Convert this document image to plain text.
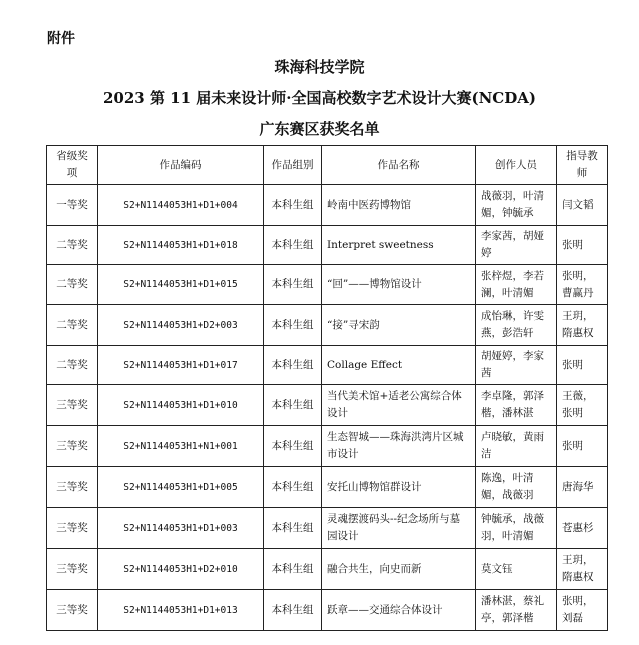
附件
珠海科技学院
2023 第 11 届未来设计师·全国高校数字艺术设计大赛(NCDA)
广东赛区获奖名单
省级奖项	作品编码	作品组别	作品名称	创作人员	指导教师
一等奖	S2+N1144053H1+D1+004	本科生组	岭南中医药博物馆	战薇羽，叶清媚，钟毓承	闫文韬
二等奖	S2+N1144053H1+D1+018	本科生组	Interpret sweetness	李家茜，胡娅婷	张明
二等奖	S2+N1144053H1+D1+015	本科生组	“回”——博物馆设计	张梓煜，李若澜，叶清媚	张明，曹赢丹
二等奖	S2+N1144053H1+D2+003	本科生组	“接”寻宋韵	成怡琳，许雯燕，彭浩轩	王玥，隋惠权
二等奖	S2+N1144053H1+D1+017	本科生组	Collage Effect	胡娅婷，李家茜	张明
三等奖	S2+N1144053H1+D1+010	本科生组	当代美术馆+适老公寓综合体设计	李卓隆，郭泽楷，潘林湛	王薇，张明
三等奖	S2+N1144053H1+N1+001	本科生组	生态智城——珠海洪湾片区城市设计	卢晓敏，黄雨洁	张明
三等奖	S2+N1144053H1+D1+005	本科生组	安托山博物馆群设计	陈逸，叶清媚，战薇羽	唐海华
三等奖	S2+N1144053H1+D1+003	本科生组	灵魂摆渡码头--纪念场所与墓园设计	钟毓承，战薇羽，叶清媚	苍惠杉
三等奖	S2+N1144053H1+D2+010	本科生组	融合共生，向史而新	莫文钰	王玥，隋惠权
三等奖	S2+N1144053H1+D1+013	本科生组	跃章——交通综合体设计	潘林湛，蔡礼亭，郭泽楷	张明，刘磊
